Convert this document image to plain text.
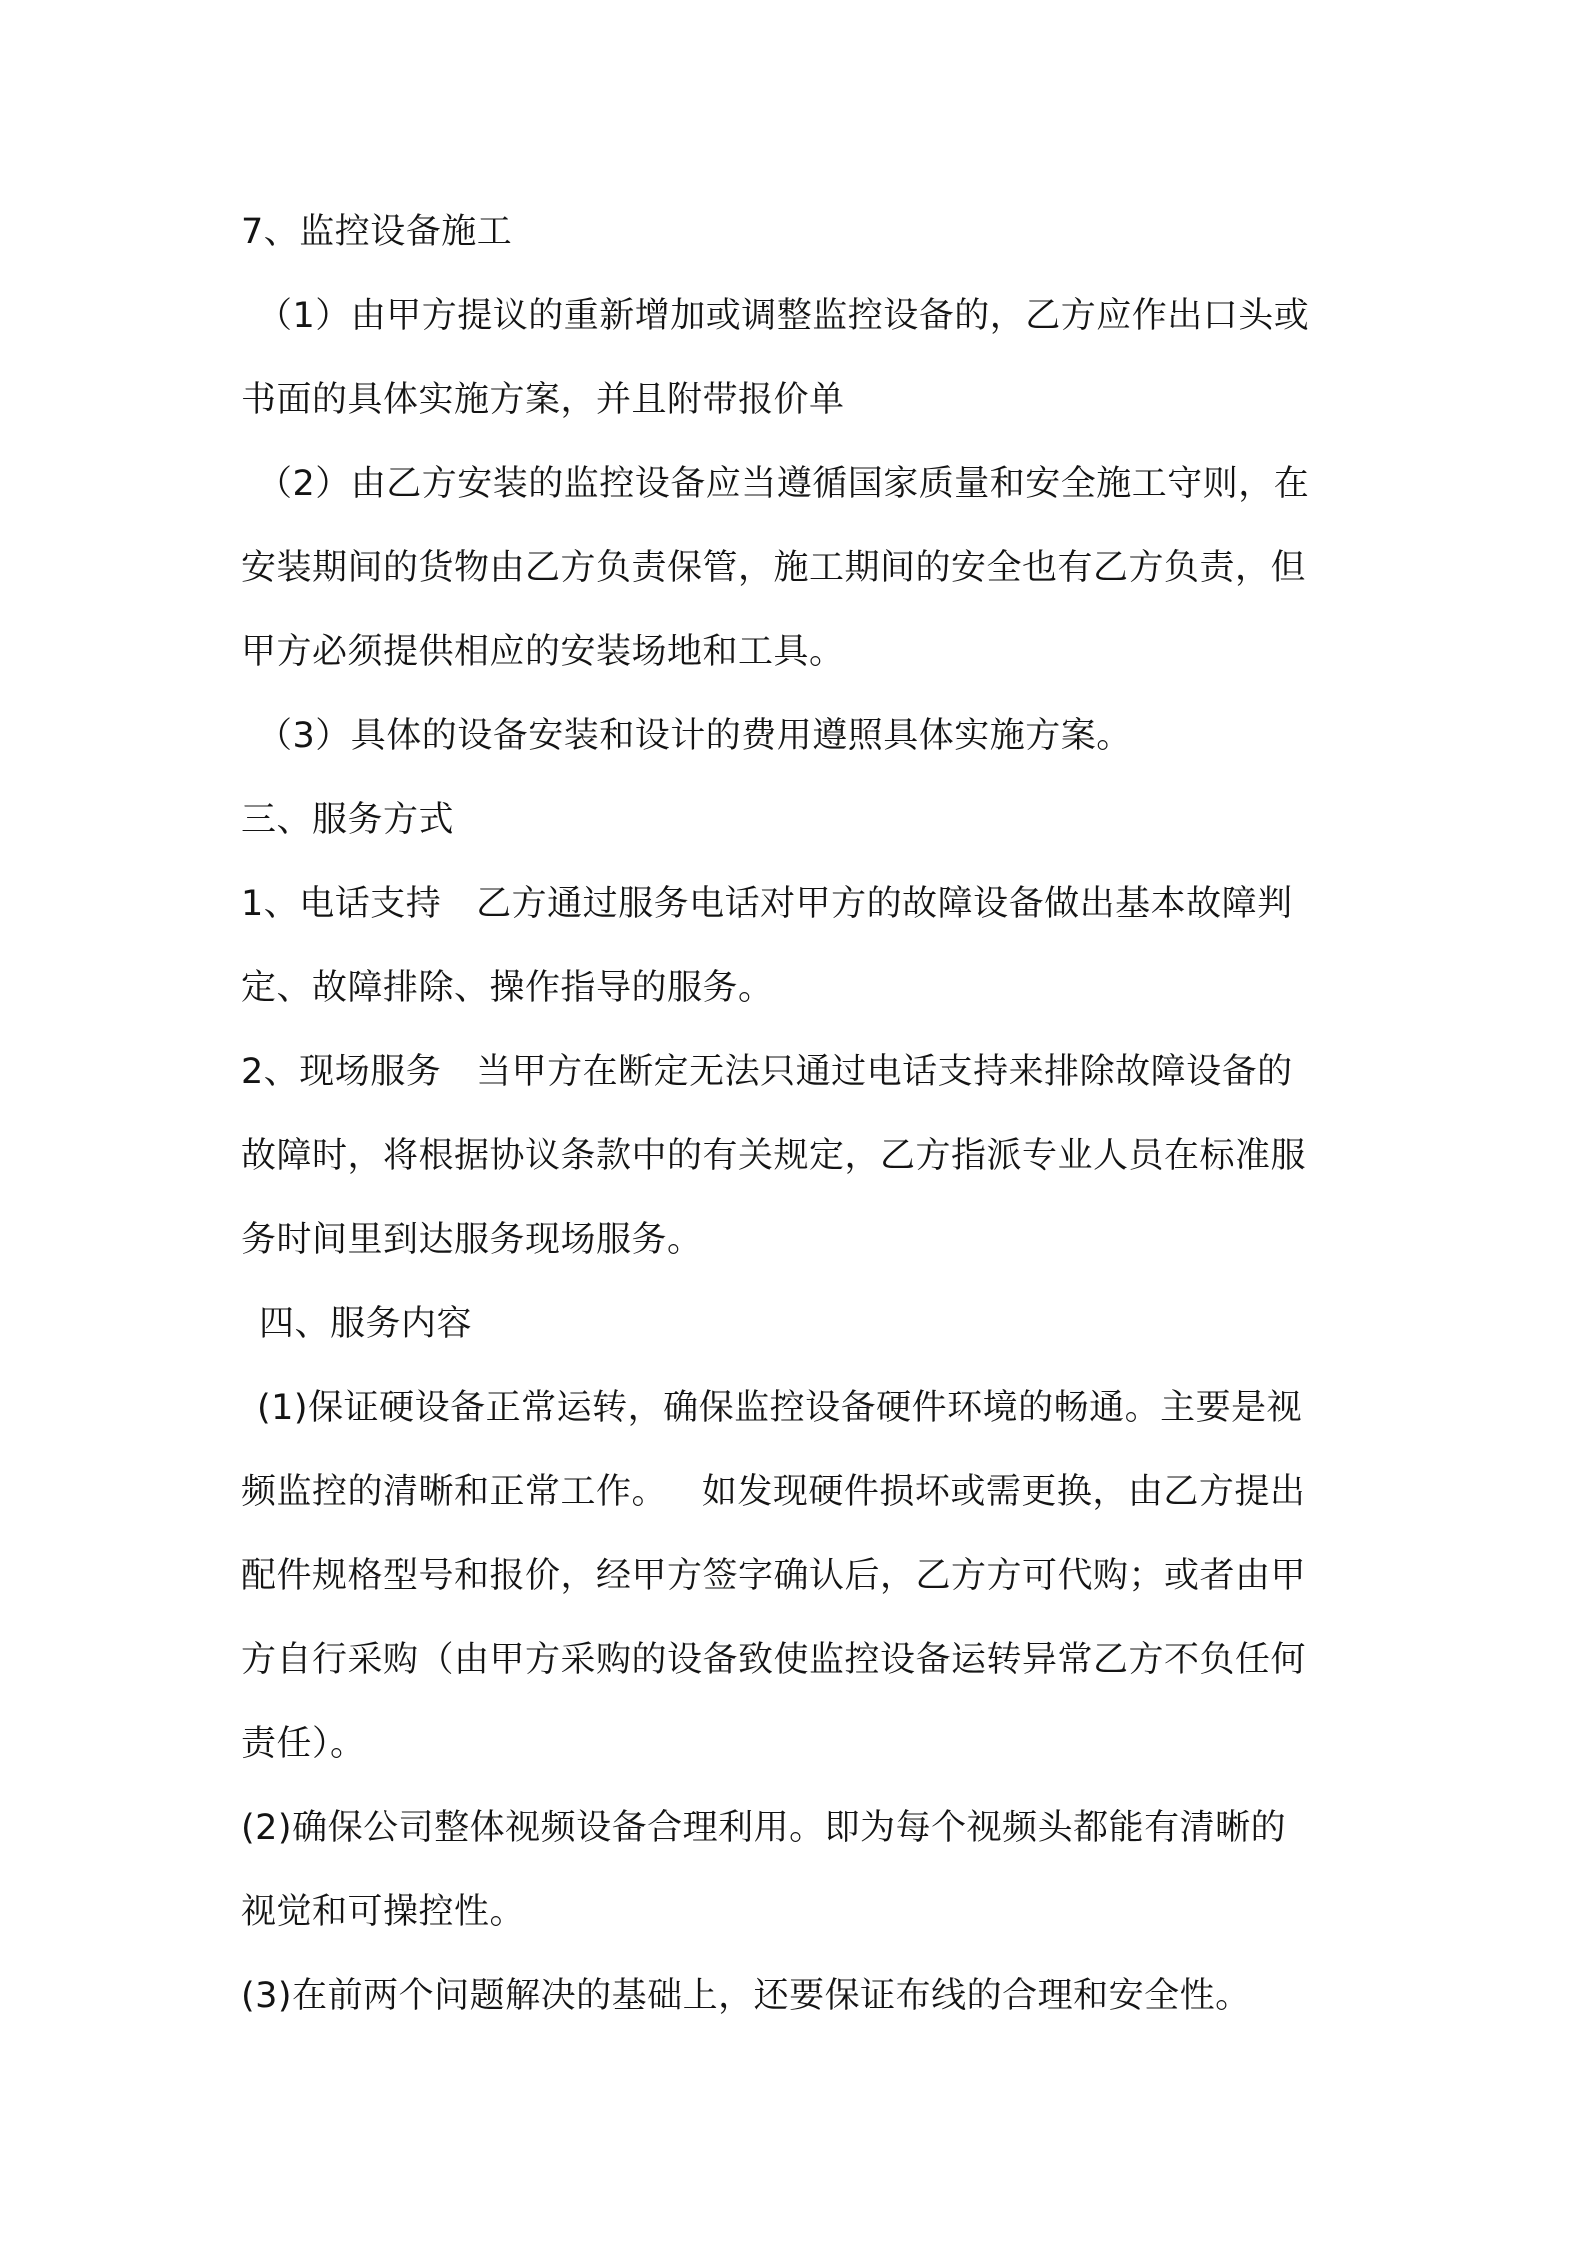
7、监控设备施工
（1）由甲方提议的重新增加或调整监控设备的，乙方应作出口头或
书面的具体实施方案，并且附带报价单
（2）由乙方安装的监控设备应当遵循国家质量和安全施工守则，在
安装期间的货物由乙方负责保管，施工期间的安全也有乙方负责，但
甲方必须提供相应的安装场地和工具。
（3）具体的设备安装和设计的费用遵照具体实施方案。
三、服务方式
1、电话支持   乙方通过服务电话对甲方的故障设备做出基本故障判
定、故障排除、操作指导的服务。
2、现场服务   当甲方在断定无法只通过电话支持来排除故障设备的
故障时，将根据协议条款中的有关规定，乙方指派专业人员在标准服
务时间里到达服务现场服务。
四、服务内容
(1)保证硬设备正常运转，确保监控设备硬件环境的畅通。主要是视
频监控的清晰和正常工作。   如发现硬件损坏或需更换，由乙方提出
配件规格型号和报价，经甲方签字确认后，乙方方可代购；或者由甲
方自行采购（由甲方采购的设备致使监控设备运转异常乙方不负任何
责任）。
(2)确保公司整体视频设备合理利用。即为每个视频头都能有清晰的
视觉和可操控性。
(3)在前两个问题解决的基础上，还要保证布线的合理和安全性。
